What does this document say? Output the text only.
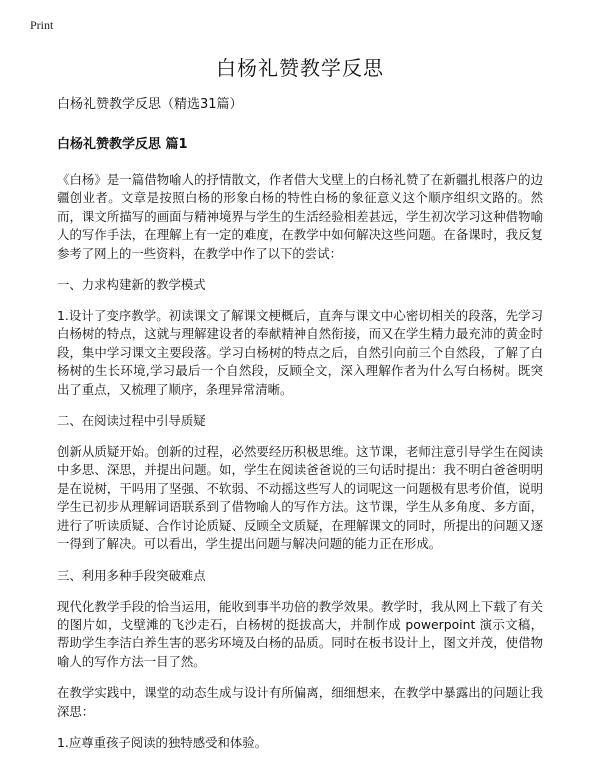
Print
白杨礼赞教学反思

白杨礼赞教学反思（精选31篇）

白杨礼赞教学反思 篇1

《白杨》是一篇借物喻人的抒情散文，作者借大戈壁上的白杨礼赞了在新疆扎根落户的边疆创业者。文章是按照白杨的形象白杨的特性白杨的象征意义这个顺序组织文路的。然而，课文所描写的画面与精神境界与学生的生活经验相差甚远，学生初次学习这种借物喻人的写作手法，在理解上有一定的难度，在教学中如何解决这些问题。在备课时，我反复参考了网上的一些资料，在教学中作了以下的尝试：

一、力求构建新的教学模式

1.设计了变序教学。初读课文了解课文梗概后，直奔与课文中心密切相关的段落，先学习白杨树的特点，这就与理解建设者的奉献精神自然衔接，而又在学生精力最充沛的黄金时段，集中学习课文主要段落。学习白杨树的特点之后，自然引向前三个自然段，了解了白杨树的生长环境,学习最后一个自然段，反顾全文，深入理解作者为什么写白杨树。既突出了重点，又梳理了顺序，条理异常清晰。

二、在阅读过程中引导质疑

创新从质疑开始。创新的过程，必然要经历积极思维。这节课，老师注意引导学生在阅读中多思、深思，并提出问题。如，学生在阅读爸爸说的三句话时提出：我不明白爸爸明明是在说树，干吗用了坚强、不软弱、不动摇这些写人的词呢这一问题极有思考价值，说明学生已初步从理解词语联系到了借物喻人的写作方法。这节课，学生从多角度、多方面，进行了听读质疑、合作讨论质疑、反顾全文质疑，在理解课文的同时，所提出的问题又逐一得到了解决。可以看出，学生提出问题与解决问题的能力正在形成。

三、利用多种手段突破难点

现代化教学手段的恰当运用，能收到事半功倍的教学效果。教学时，我从网上下载了有关的图片如，戈壁滩的飞沙走石，白杨树的挺拔高大，并制作成 powerpoint 演示文稿，帮助学生李洁白养生害的恶劣环境及白杨的品质。同时在板书设计上，图文并茂，使借物喻人的写作方法一目了然。

在教学实践中，课堂的动态生成与设计有所偏离，细细想来，在教学中暴露出的问题让我深思：

1.应尊重孩子阅读的独特感受和体验。
